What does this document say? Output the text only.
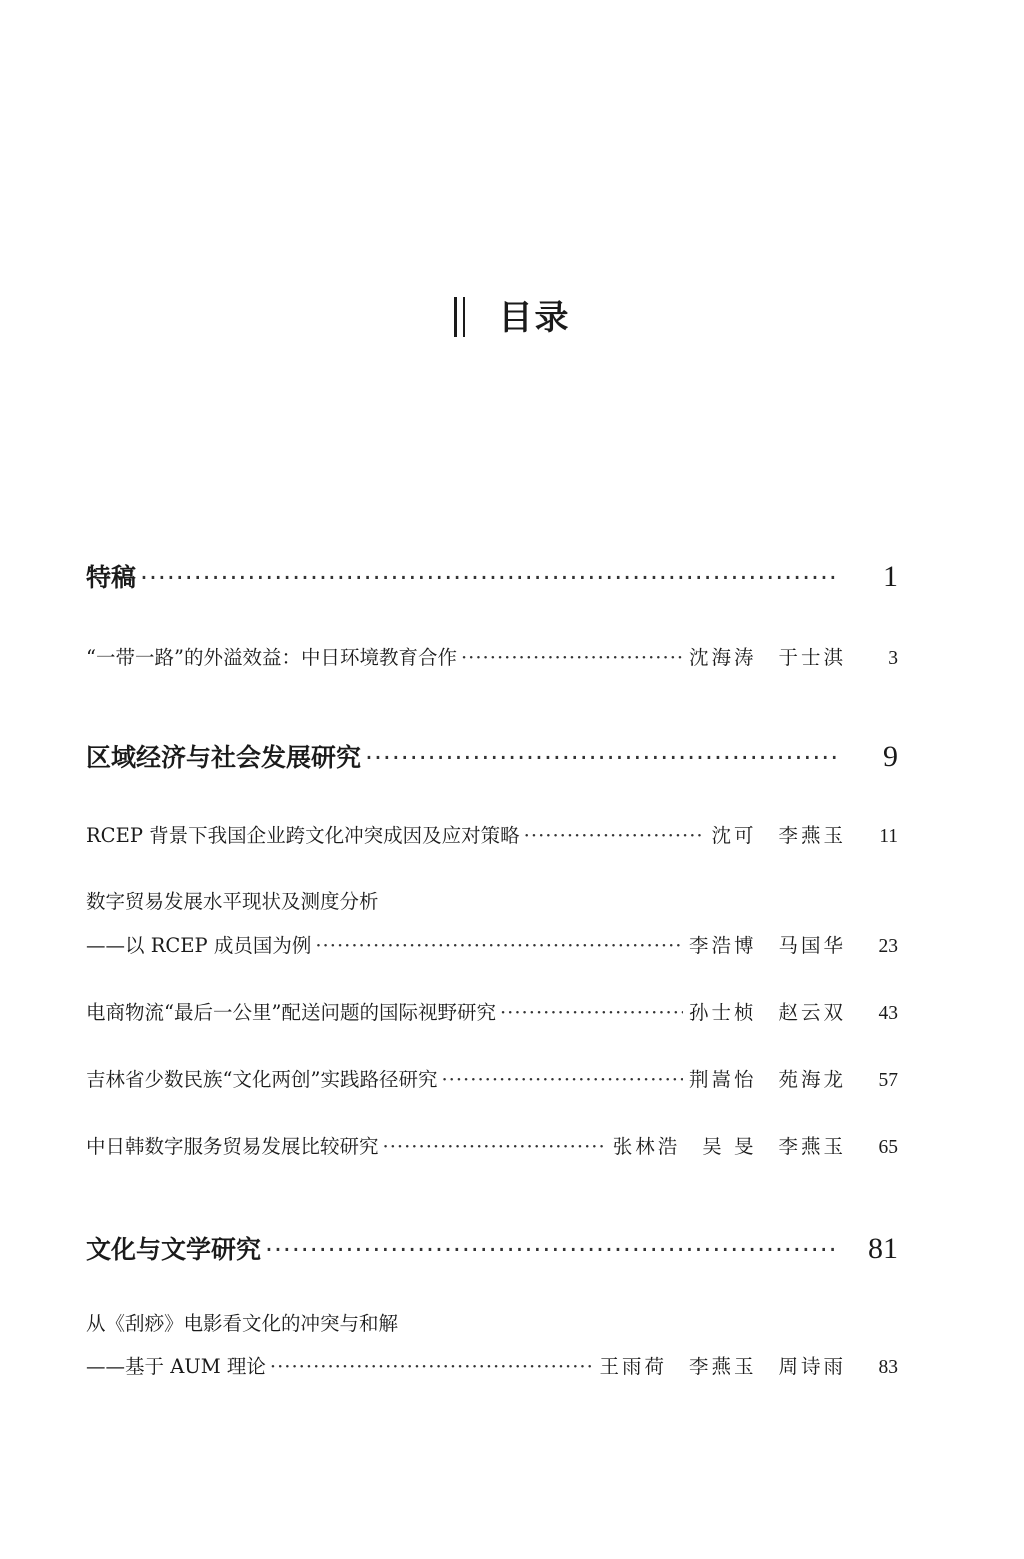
目录
特稿 ·····	1
“一带一路”的外溢效益：中日环境教育合作 ·····	沈海涛 于士淇	3
区域经济与社会发展研究 ·····	9
RCEP 背景下我国企业跨文化冲突成因及应对策略 ·····	沈可 李燕玉	11
数字贸易发展水平现状及测度分析
——以 RCEP 成员国为例 ·····	李浩博 马国华	23
电商物流“最后一公里”配送问题的国际视野研究 ·····	孙士桢 赵云双	43
吉林省少数民族“文化两创”实践路径研究 ·····	荆嵩怡 苑海龙	57
中日韩数字服务贸易发展比较研究 ·····	张林浩 吴 旻 李燕玉	65
文化与文学研究 ·····	81
从《刮痧》电影看文化的冲突与和解
——基于 AUM 理论 ·····	王雨荷 李燕玉 周诗雨	83
